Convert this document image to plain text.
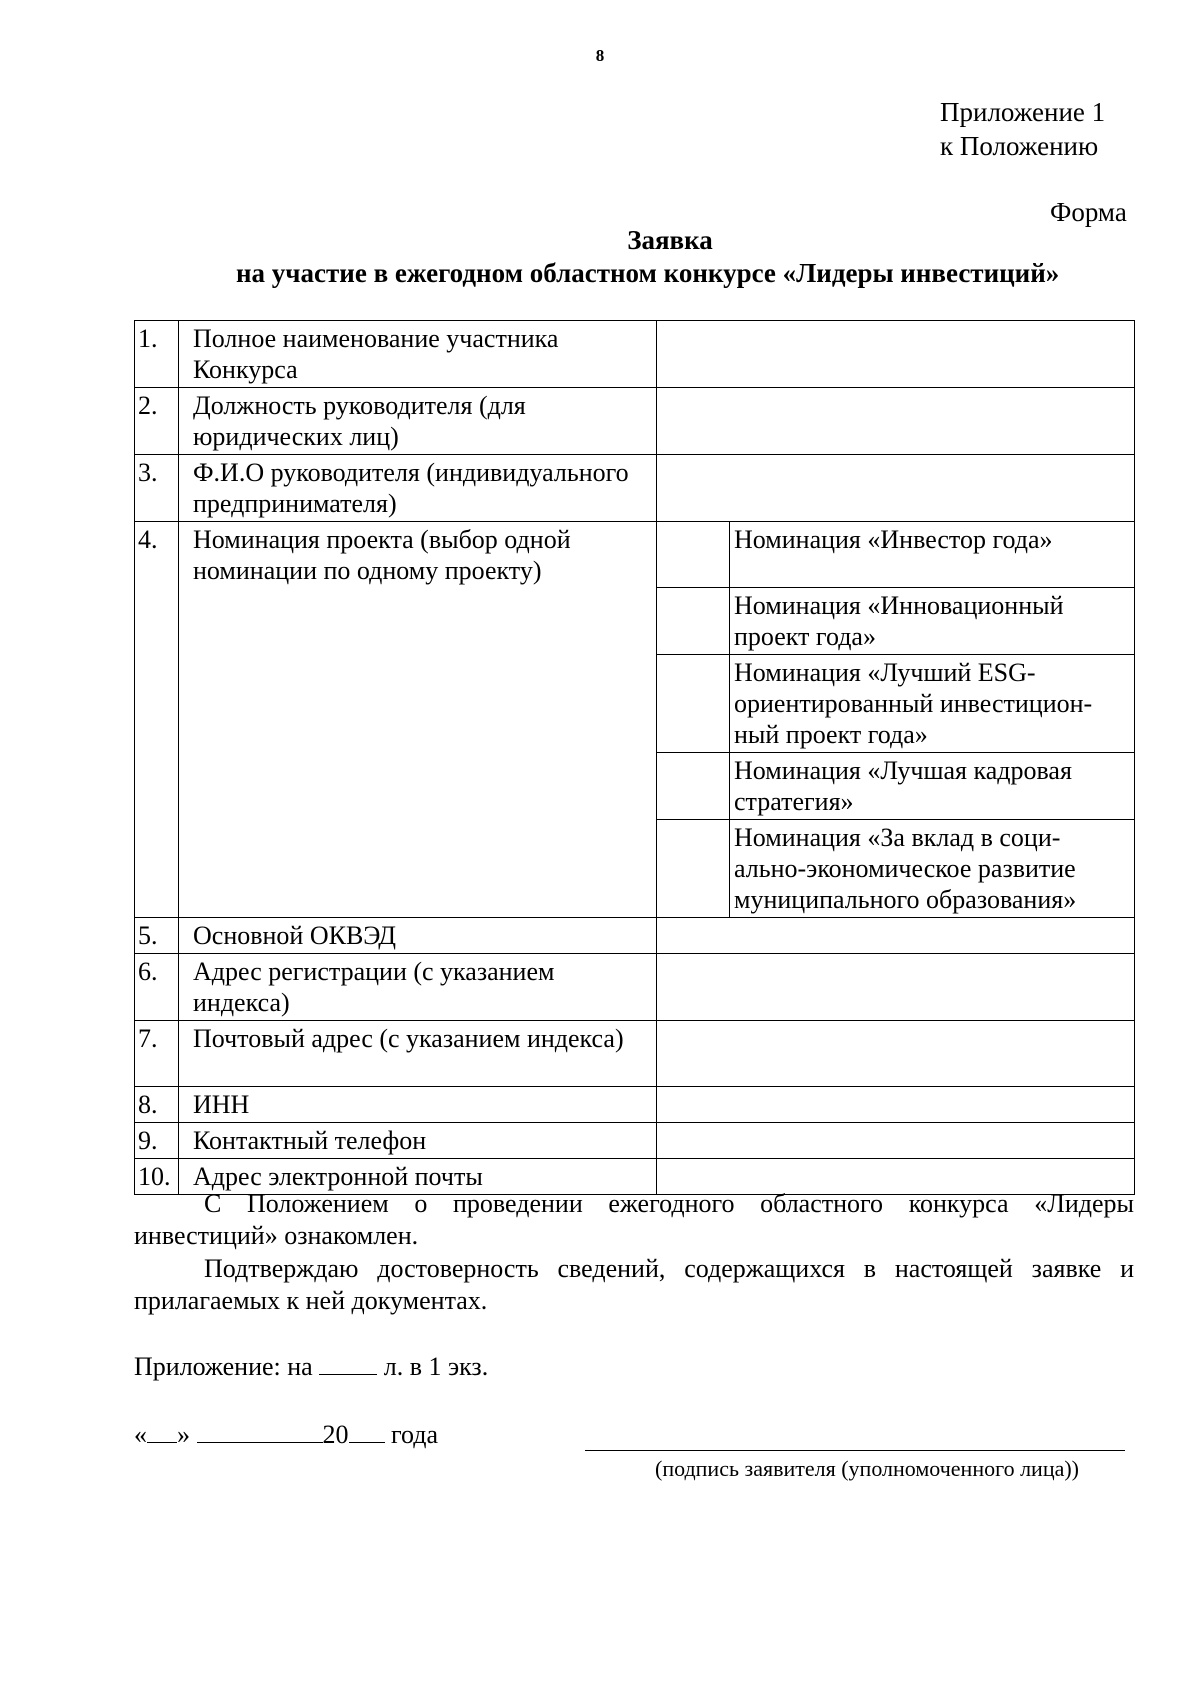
8
Приложение 1
к Положению
Форма
Заявка
на участие в ежегодном областном конкурсе «Лидеры инвестиций»
1.	Полное наименование участника Конкурса		
2.	Должность руководителя (для юридических лиц)		
3.	Ф.И.О руководителя (индивидуального предпринимателя)		
4.	Номинация проекта (выбор одной номинации по одному проекту)		Номинация «Инвестор года»
			Номинация «Инновационный проект года»
			Номинация «Лучший ESG-ориентированный инвестицион-ный проект года»
			Номинация «Лучшая кадровая стратегия»
			Номинация «За вклад в соци-ально-экономическое развитие муниципального образования»
5.	Основной ОКВЭД		
6.	Адрес регистрации (с указанием индекса)		
7.	Почтовый адрес (с указанием индекса)		
8.	ИНН		
9.	Контактный телефон		
10.	Адрес электронной почты		
С Положением о проведении ежегодного областного конкурса «Лидеры инвестиций» ознакомлен.
Подтверждаю достоверность сведений, содержащихся в настоящей заявке и прилагаемых к ней документах.
Приложение: на	л. в 1 экз.
« »	20 года
(подпись заявителя (уполномоченного лица))
